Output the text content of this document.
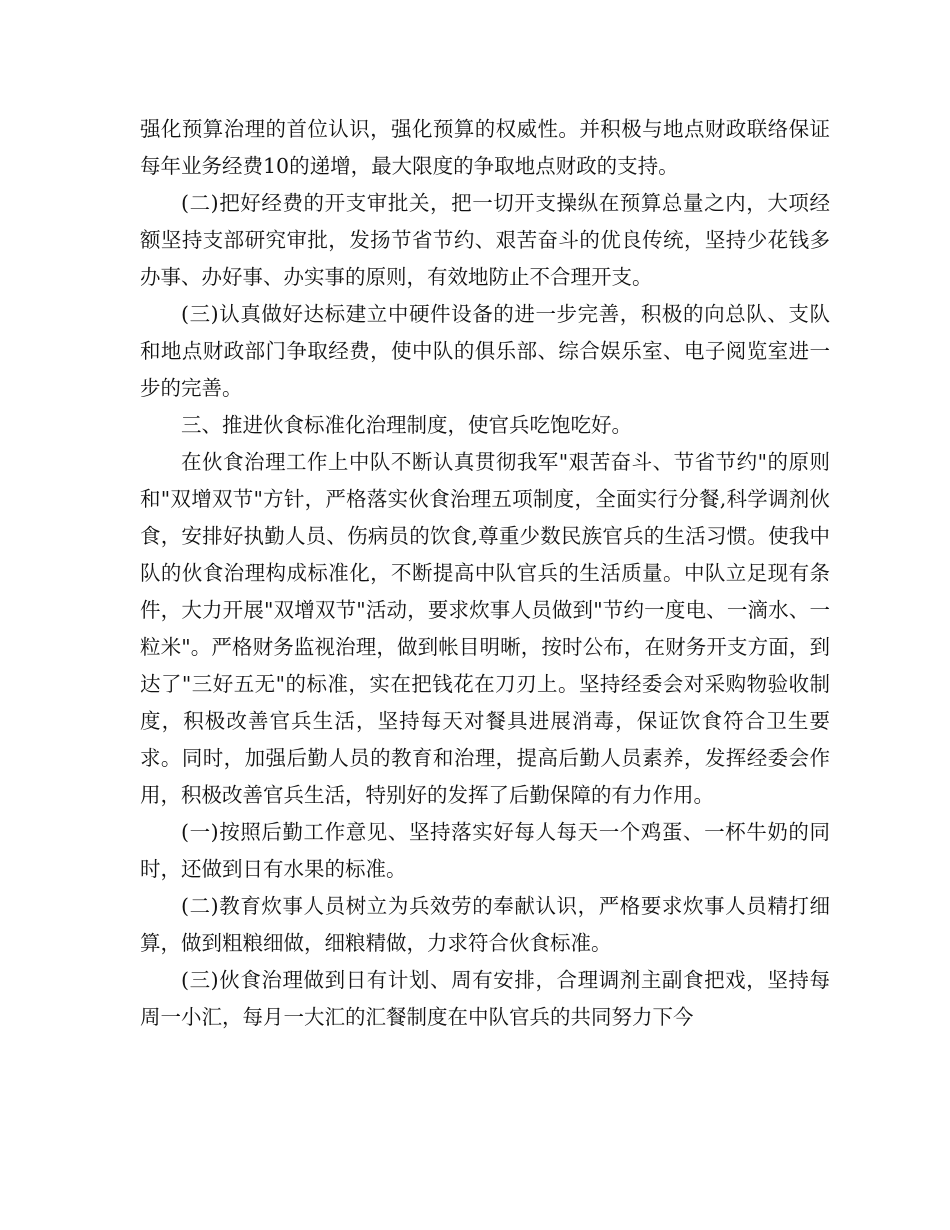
强化预算治理的首位认识，强化预算的权威性。并积极与地点财政联络保证每年业务经费10的递增，最大限度的争取地点财政的支持。

(二)把好经费的开支审批关，把一切开支操纵在预算总量之内，大项经额坚持支部研究审批，发扬节省节约、艰苦奋斗的优良传统，坚持少花钱多办事、办好事、办实事的原则，有效地防止不合理开支。

(三)认真做好达标建立中硬件设备的进一步完善，积极的向总队、支队和地点财政部门争取经费，使中队的俱乐部、综合娱乐室、电子阅览室进一步的完善。

三、推进伙食标准化治理制度，使官兵吃饱吃好。

在伙食治理工作上中队不断认真贯彻我军"艰苦奋斗、节省节约"的原则和"双增双节"方针，严格落实伙食治理五项制度，全面实行分餐,科学调剂伙食，安排好执勤人员、伤病员的饮食,尊重少数民族官兵的生活习惯。使我中队的伙食治理构成标准化，不断提高中队官兵的生活质量。中队立足现有条件，大力开展"双增双节"活动，要求炊事人员做到"节约一度电、一滴水、一粒米"。严格财务监视治理，做到帐目明晰，按时公布，在财务开支方面，到达了"三好五无"的标准，实在把钱花在刀刃上。坚持经委会对采购物验收制度，积极改善官兵生活，坚持每天对餐具进展消毒，保证饮食符合卫生要求。同时，加强后勤人员的教育和治理，提高后勤人员素养，发挥经委会作用，积极改善官兵生活，特别好的发挥了后勤保障的有力作用。

(一)按照后勤工作意见、坚持落实好每人每天一个鸡蛋、一杯牛奶的同时，还做到日有水果的标准。

(二)教育炊事人员树立为兵效劳的奉献认识，严格要求炊事人员精打细算，做到粗粮细做，细粮精做，力求符合伙食标准。

(三)伙食治理做到日有计划、周有安排，合理调剂主副食把戏，坚持每周一小汇，每月一大汇的汇餐制度在中队官兵的共同努力下今
